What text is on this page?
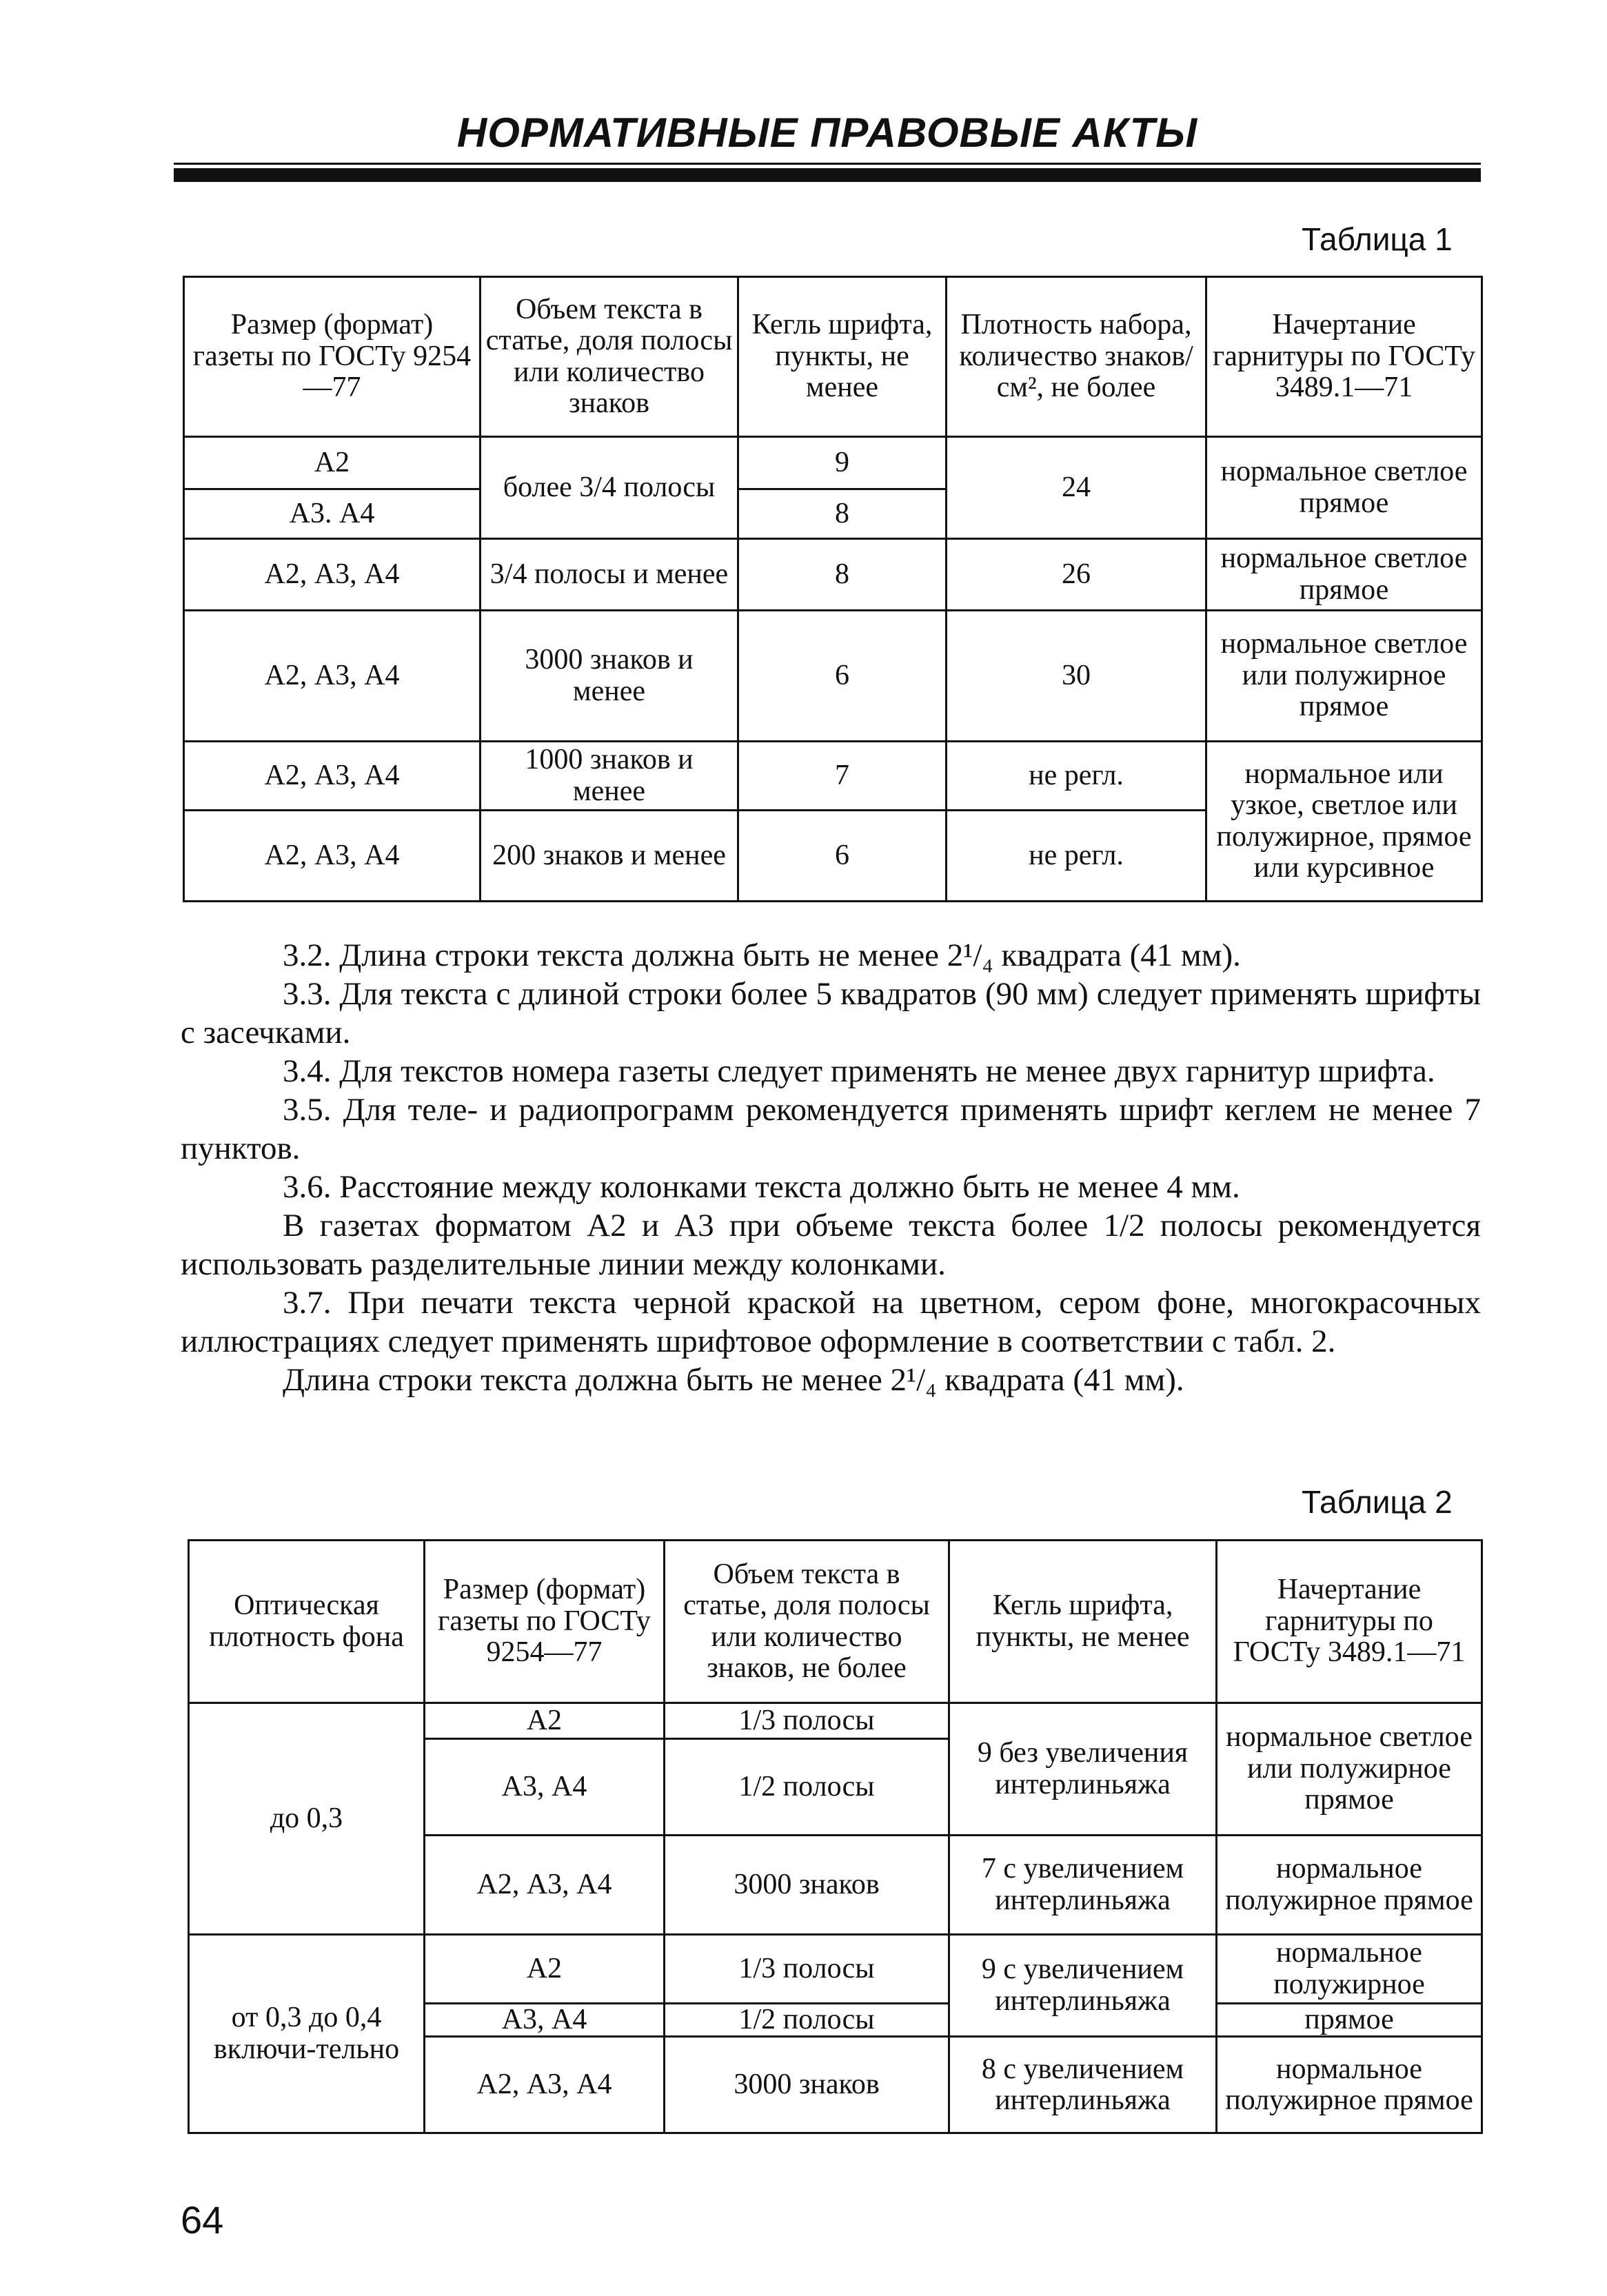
НОРМАТИВНЫЕ ПРАВОВЫЕ АКТЫ
Таблица 1
Размер (формат) газеты по ГОСТу 9254—77	Объем текста в статье, доля полосы или количество знаков	Кегль шрифта, пункты, не менее	Плотность набора, количество знаков/см², не более	Начертание гарнитуры по ГОСТу 3489.1—71
А2	более 3/4 полосы	9	24	нормальное светлое прямое
А3. А4		8		
А2, А3, А4	3/4 полосы и менее	8	26	нормальное светлое прямое
А2, А3, А4	3000 знаков и менее	6	30	нормальное светлое или полужирное прямое
А2, А3, А4	1000 знаков и менее	7	не регл.	нормальное или узкое, светлое или полужирное, прямое или курсивное
А2, А3, А4	200 знаков и менее	6	не регл.	

3.2. Длина строки текста должна быть не менее 2¹/₄ квадрата (41 мм).

3.3. Для текста с длиной строки более 5 квадратов (90 мм) следует применять шрифты с засечками.

3.4. Для текстов номера газеты следует применять не менее двух гарнитур шрифта.

3.5. Для теле- и радиопрограмм рекомендуется применять шрифт кеглем не менее 7 пунктов.

3.6. Расстояние между колонками текста должно быть не менее 4 мм.

В газетах форматом А2 и А3 при объеме текста более 1/2 полосы рекомендуется использовать разделительные линии между колонками.

3.7. При печати текста черной краской на цветном, сером фоне, многокрасочных иллюстрациях следует применять шрифтовое оформление в соответствии с табл. 2.

Длина строки текста должна быть не менее 2¹/₄ квадрата (41 мм).

Таблица 2
Оптическая плотность фона	Размер (формат) газеты по ГОСТу 9254—77	Объем текста в статье, доля полосы или количество знаков, не более	Кегль шрифта, пункты, не менее	Начертание гарнитуры по ГОСТу 3489.1—71
до 0,3	А2	1/3 полосы	9 без увеличения интерлиньяжа	нормальное светлое или полужирное прямое
	А3, А4	1/2 полосы		
	А2, А3, А4	3000 знаков	7 с увеличением интерлиньяжа	нормальное полужирное прямое
от 0,3 до 0,4 включи-тельно	А2	1/3 полосы	9 с увеличением интерлиньяжа	нормальное полужирное
	А3, А4	1/2 полосы		прямое
	А2, А3, А4	3000 знаков	8 с увеличением интерлиньяжа	нормальное полужирное прямое
64
